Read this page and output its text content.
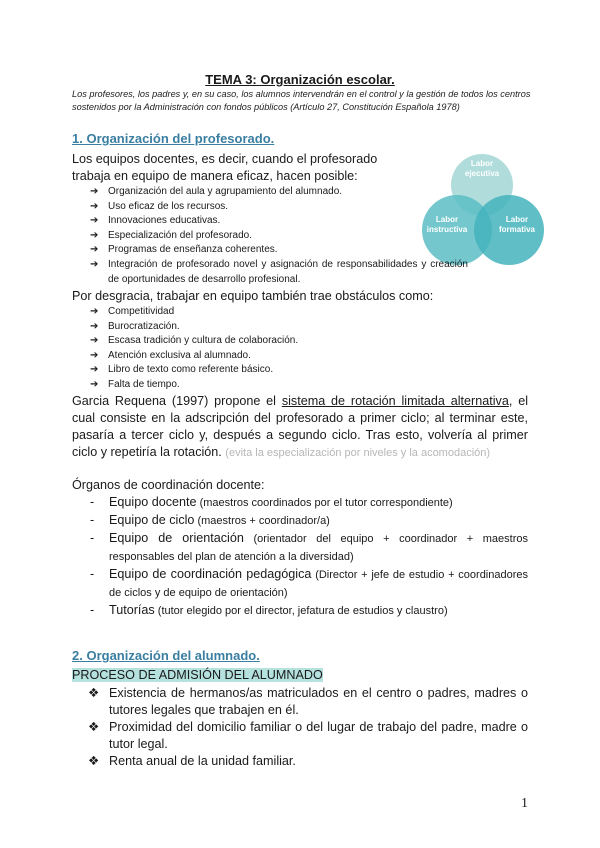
TEMA 3: Organización escolar.
Los profesores, los padres y, en su caso, los alumnos intervendrán en el control y la gestión de todos los centros sostenidos por la Administración con fondos públicos (Artículo 27, Constitución Española 1978)
1. Organización del profesorado.
Labor
ejecutiva
Labor
instructiva
Labor
formativa
Los equipos docentes, es decir, cuando el profesorado trabaja en equipo de manera eficaz, hacen posible:
➔ Organización del aula y agrupamiento del alumnado.
➔ Uso eficaz de los recursos.
➔ Innovaciones educativas.
➔ Especialización del profesorado.
➔ Programas de enseñanza coherentes.
➔ Integración de profesorado novel y asignación de responsabilidades y creación de oportunidades de desarrollo profesional.
Por desgracia, trabajar en equipo también trae obstáculos como:
➔ Competitividad
➔ Burocratización.
➔ Escasa tradición y cultura de colaboración.
➔ Atención exclusiva al alumnado.
➔ Libro de texto como referente básico.
➔ Falta de tiempo.
Garcia Requena (1997) propone el sistema de rotación limitada alternativa, el cual consiste en la adscripción del profesorado a primer ciclo; al terminar este, pasaría a tercer ciclo y, después a segundo ciclo. Tras esto, volvería al primer ciclo y repetiría la rotación. (evita la especialización por niveles y la acomodación)
Órganos de coordinación docente:
- Equipo docente (maestros coordinados por el tutor correspondiente)
- Equipo de ciclo (maestros + coordinador/a)
- Equipo de orientación (orientador del equipo + coordinador + maestros responsables del plan de atención a la diversidad)
- Equipo de coordinación pedagógica (Director + jefe de estudio + coordinadores de ciclos y de equipo de orientación)
- Tutorías (tutor elegido por el director, jefatura de estudios y claustro)
2. Organización del alumnado.
PROCESO DE ADMISIÓN DEL ALUMNADO
❖ Existencia de hermanos/as matriculados en el centro o padres, madres o tutores legales que trabajen en él.
❖ Proximidad del domicilio familiar o del lugar de trabajo del padre, madre o tutor legal.
❖ Renta anual de la unidad familiar.
1
